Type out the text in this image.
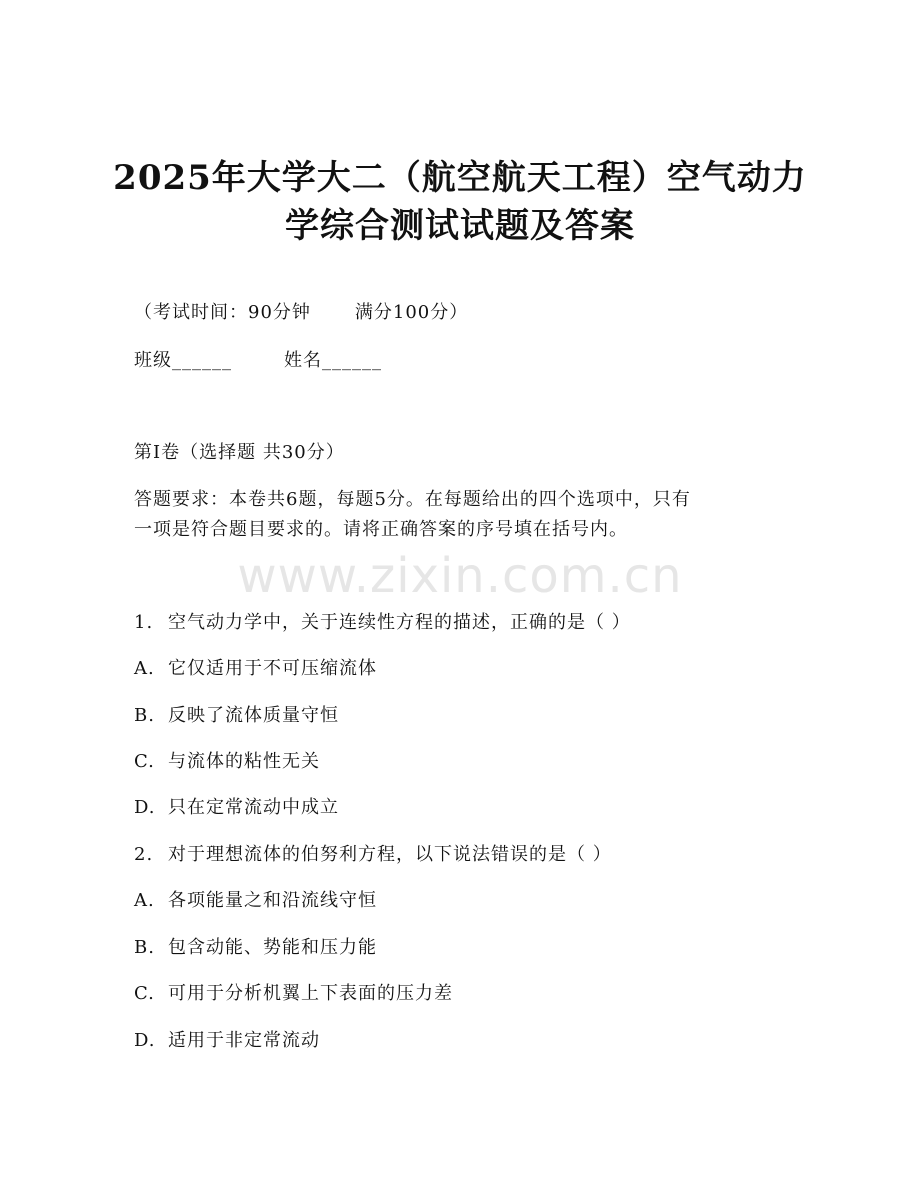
www.zixin.com.cn
2025年大学大二（航空航天工程）空气动力
学综合测试试题及答案
（考试时间：90分钟 满分100分）
班级______	姓名______
第I卷（选择题 共30分）
答题要求：本卷共6题，每题5分。在每题给出的四个选项中，只有
一项是符合题目要求的。请将正确答案的序号填在括号内。
1. 空气动力学中，关于连续性方程的描述，正确的是（ ）
A. 它仅适用于不可压缩流体
B. 反映了流体质量守恒
C. 与流体的粘性无关
D. 只在定常流动中成立
2. 对于理想流体的伯努利方程，以下说法错误的是（ ）
A. 各项能量之和沿流线守恒
B. 包含动能、势能和压力能
C. 可用于分析机翼上下表面的压力差
D. 适用于非定常流动
